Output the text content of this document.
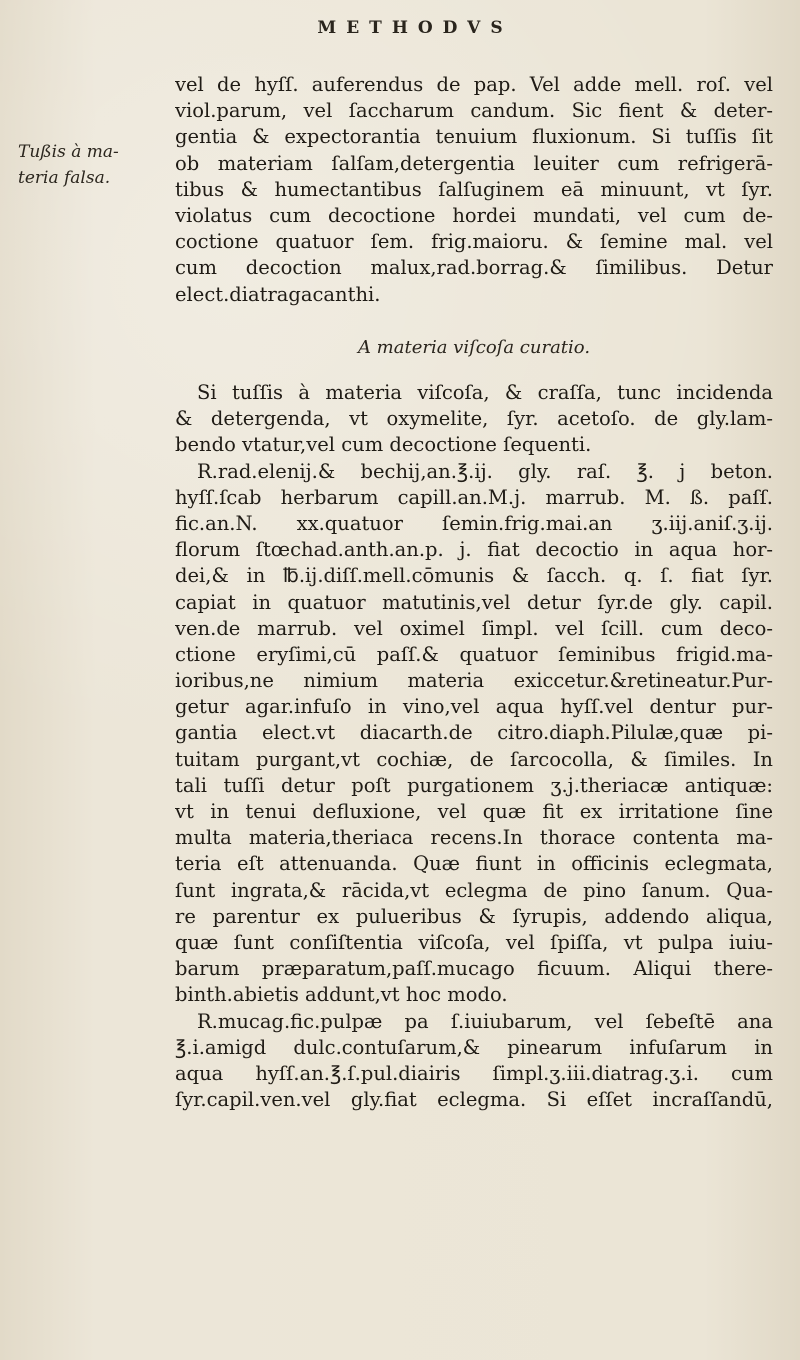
METHODVS
Tußis à ma-
teria falsa.
vel de hyſſ. auferendus de pap. Vel adde mell. roſ. vel
viol.parum, vel ſaccharum candum. Sic fient & deter-
gentia & expectorantia tenuium fluxionum. Si tuſſis ſit
ob materiam ſalſam,detergentia leuiter cum refrigerā-
tibus & humectantibus ſalſuginem eā minuunt, vt ſyr.
violatus cum decoctione hordei mundati, vel cum de-
coctione quatuor ſem. frig.maioru. & ſemine mal. vel
cum decoction malux,rad.borrag.& ſimilibus. Detur
elect.diatragacanthi.
A materia viſcoſa curatio.
Si tuſſis à materia viſcoſa, & craſſa, tunc incidenda
& detergenda, vt oxymelite, ſyr. acetoſo. de gly.lam-
bendo vtatur,vel cum decoctione ſequenti.
R.rad.elenij.& bechij,an.℥.ij. gly. raſ. ℥. j beton.
hyſſ.ſcab herbarum capill.an.M.j. marrub. M. ß. paſſ.
fic.an.N. xx.quatuor ſemin.frig.mai.an ʒ.iij.aniſ.ʒ.ij.
florum ſtœchad.anth.an.p. j. fiat decoctio in aqua hor-
dei,& in ℔.ij.diſſ.mell.cōmunis & ſacch. q. ſ. fiat ſyr.
capiat in quatuor matutinis,vel detur ſyr.de gly. capil.
ven.de marrub. vel oximel ſimpl. vel ſcill. cum deco-
ctione eryſimi,cū paſſ.& quatuor ſeminibus frigid.ma-
ioribus,ne nimium materia exiccetur.&retineatur.Pur-
getur agar.infuſo in vino,vel aqua hyſſ.vel dentur pur-
gantia elect.vt diacarth.de citro.diaph.Pilulæ,quæ pi-
tuitam purgant,vt cochiæ, de ſarcocolla, & ſimiles. In
tali tuſſi detur poſt purgationem ʒ.j.theriacæ antiquæ:
vt in tenui defluxione, vel quæ fit ex irritatione ſine
multa materia,theriaca recens.In thorace contenta ma-
teria eſt attenuanda. Quæ fiunt in officinis eclegmata,
ſunt ingrata,& rācida,vt eclegma de pino ſanum. Qua-
re parentur ex pulueribus & ſyrupis, addendo aliqua,
quæ ſunt conſiſtentia viſcoſa, vel ſpiſſa, vt pulpa iuiu-
barum præparatum,paſſ.mucago ficuum. Aliqui there-
binth.abietis addunt,vt hoc modo.
R.mucag.fic.pulpæ pa ſ.iuiubarum, vel ſebeſtē ana
℥.i.amigd dulc.contuſarum,& pinearum infuſarum in
aqua hyſſ.an.℥.ſ.pul.diairis ſimpl.ʒ.iii.diatrag.ʒ.i. cum
ſyr.capil.ven.vel gly.fiat eclegma. Si eſſet incraſſandū,
